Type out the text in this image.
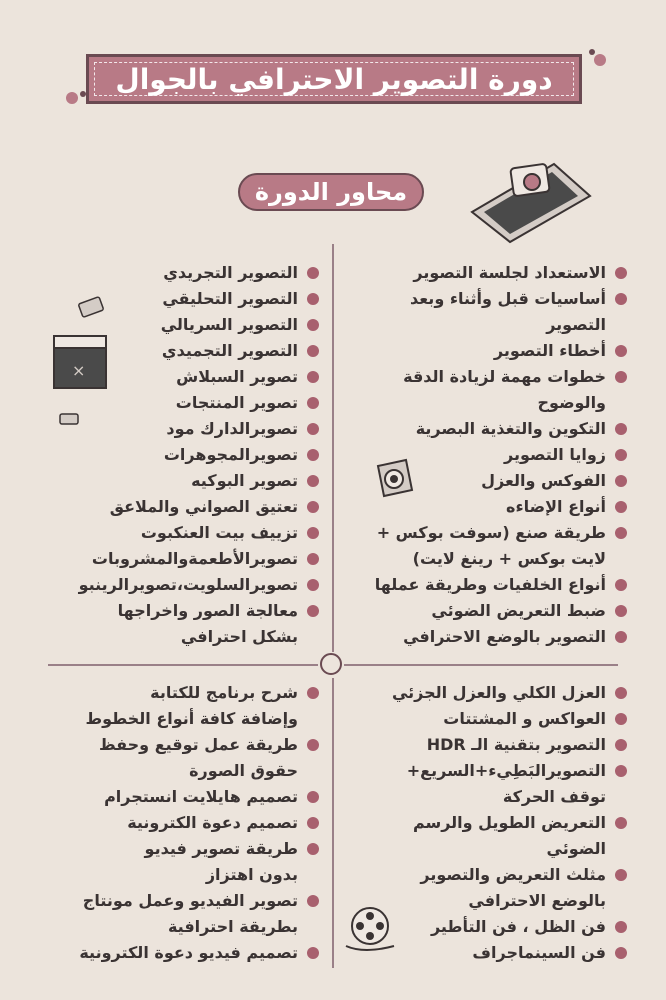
دورة التصوير الاحترافي بالجوال
محاور الدورة
×
الاستعداد لجلسة التصوير
أساسيات قبل وأثناء وبعد
التصوير
أخطاء التصوير
خطوات مهمة لزيادة الدقة
والوضوح
التكوين والتغذية البصرية
زوايا التصوير
الفوكس والعزل
أنواع الإضاءه
طريقة صنع (سوفت بوكس +
لايت بوكس + رينغ لايت)
أنواع الخلفيات وطريقة عملها
ضبط التعريض الضوئي
التصوير بالوضع الاحترافي
التصوير التجريدي
التصوير التحليقي
التصوير السريالي
التصوير التجميدي
تصوير السبلاش
تصوير المنتجات
تصويرالدارك مود
تصويرالمجوهرات
تصوير البوكيه
تعتيق الصواني والملاعق
تزييف بيت العنكبوت
تصويرالأطعمةوالمشروبات
تصويرالسلويت،تصويرالرينبو
معالجة الصور واخراجها
بشكل احترافي
العزل الكلي والعزل الجزئي
العواكس و المشتتات
التصوير بتقنية الـ HDR
التصويرالبَطِيء+السريع+
توقف الحركة
التعريض الطويل والرسم
الضوئي
مثلث التعريض والتصوير
بالوضع الاحترافي
فن الظل ، فن التأطير
فن السينماجراف
شرح برنامج للكتابة
وإضافة كافة أنواع الخطوط
طريقة عمل توقيع وحفظ
حقوق الصورة
تصميم هايلايت انستجرام
تصميم دعوة الكترونية
طريقة تصوير فيديو
بدون اهتزاز
تصوير الفيديو وعمل مونتاج
بطريقة احترافية
تصميم فيديو دعوة الكترونية
